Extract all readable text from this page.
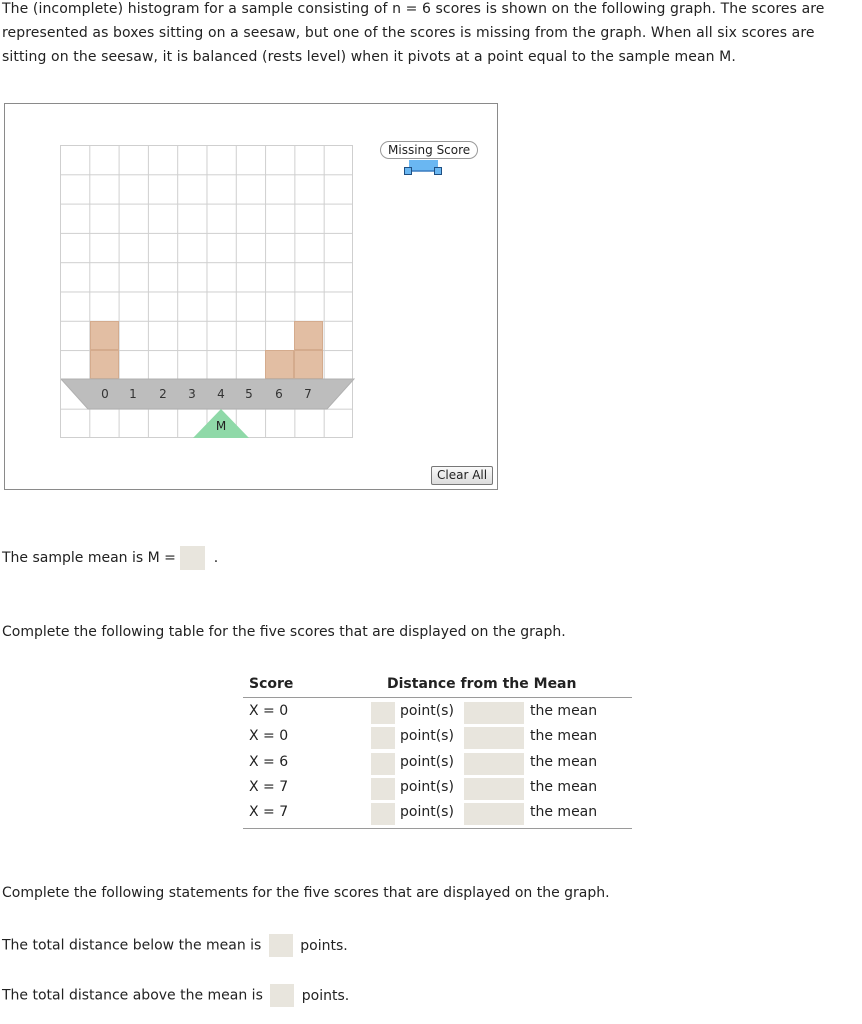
The (incomplete) histogram for a sample consisting of n = 6 scores is shown on the following graph. The scores are represented as boxes sitting on a seesaw, but one of the scores is missing from the graph. When all six scores are sitting on the seesaw, it is balanced (rests level) when it pivots at a point equal to the sample mean M.

0	1	2	3	4	5	6	7
M
Missing Score
Clear All
The sample mean is M =  .
Complete the following table for the five scores that are displayed on the graph.
Score	Distance from the Mean
X = 0	point(s)	the mean
X = 0	point(s)	the mean
X = 6	point(s)	the mean
X = 7	point(s)	the mean
X = 7	point(s)	the mean
Complete the following statements for the five scores that are displayed on the graph.
The total distance below the mean is	points.
The total distance above the mean is	points.
